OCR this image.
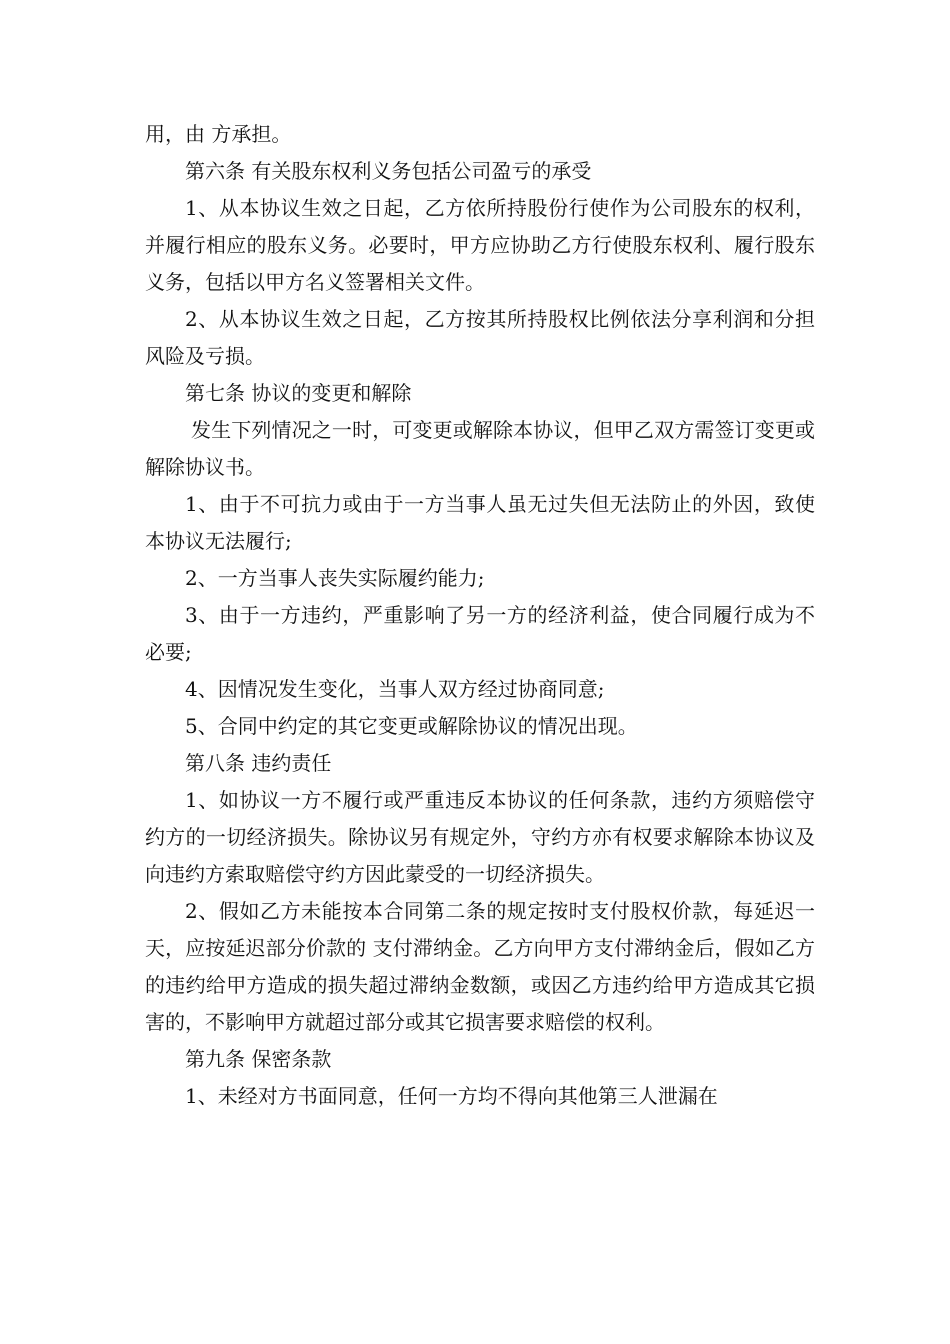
用，由 方承担。

第六条 有关股东权利义务包括公司盈亏的承受

1、从本协议生效之日起，乙方依所持股份行使作为公司股东的权利，并履行相应的股东义务。必要时，甲方应协助乙方行使股东权利、履行股东义务，包括以甲方名义签署相关文件。

2、从本协议生效之日起，乙方按其所持股权比例依法分享利润和分担风险及亏损。

第七条 协议的变更和解除

发生下列情况之一时，可变更或解除本协议，但甲乙双方需签订变更或解除协议书。

1、由于不可抗力或由于一方当事人虽无过失但无法防止的外因，致使本协议无法履行;

2、一方当事人丧失实际履约能力;

3、由于一方违约，严重影响了另一方的经济利益，使合同履行成为不必要;

4、因情况发生变化，当事人双方经过协商同意;

5、合同中约定的其它变更或解除协议的情况出现。

第八条 违约责任

1、如协议一方不履行或严重违反本协议的任何条款，违约方须赔偿守约方的一切经济损失。除协议另有规定外，守约方亦有权要求解除本协议及向违约方索取赔偿守约方因此蒙受的一切经济损失。

2、假如乙方未能按本合同第二条的规定按时支付股权价款，每延迟一天，应按延迟部分价款的 支付滞纳金。乙方向甲方支付滞纳金后，假如乙方的违约给甲方造成的损失超过滞纳金数额，或因乙方违约给甲方造成其它损害的，不影响甲方就超过部分或其它损害要求赔偿的权利。

第九条 保密条款

1、未经对方书面同意，任何一方均不得向其他第三人泄漏在
